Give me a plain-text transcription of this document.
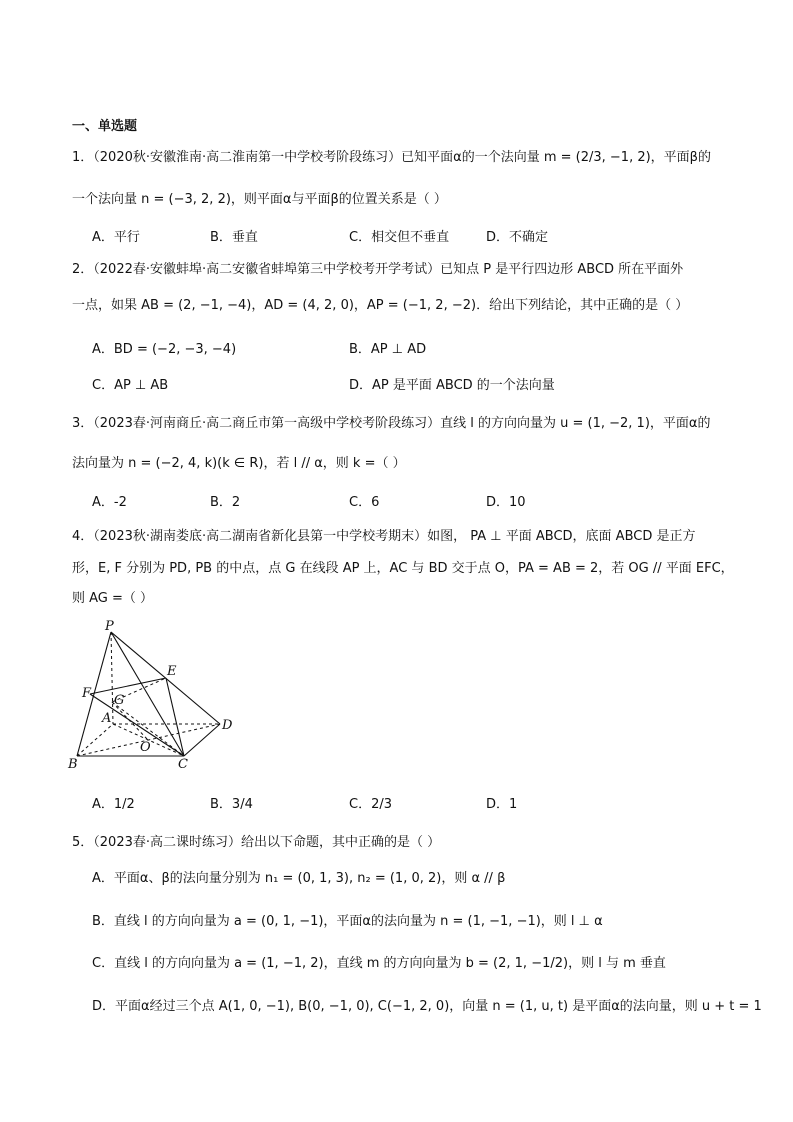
一、单选题
1．（2020秋·安徽淮南·高二淮南第一中学校考阶段练习）已知平面α的一个法向量 m = (2/3, −1, 2)，平面β的
一个法向量 n = (−3, 2, 2)，则平面α与平面β的位置关系是（ ）
A．平行	B．垂直	C．相交但不垂直	D．不确定
2．（2022春·安徽蚌埠·高二安徽省蚌埠第三中学校考开学考试）已知点 P 是平行四边形 ABCD 所在平面外
一点，如果 AB = (2, −1, −4)，AD = (4, 2, 0)，AP = (−1, 2, −2)．给出下列结论，其中正确的是（ ）
A．BD = (−2, −3, −4)	B．AP ⊥ AD
C．AP ⊥ AB	D．AP 是平面 ABCD 的一个法向量
3．（2023春·河南商丘·高二商丘市第一高级中学校考阶段练习）直线 l 的方向向量为 u = (1, −2, 1)，平面α的
法向量为 n = (−2, 4, k)(k ∈ R)，若 l // α，则 k =（ ）
A．-2	B．2	C．6	D．10
4．（2023秋·湖南娄底·高二湖南省新化县第一中学校考期末）如图， PA ⊥ 平面 ABCD，底面 ABCD 是正方
形，E, F 分别为 PD, PB 的中点，点 G 在线段 AP 上，AC 与 BD 交于点 O，PA = AB = 2，若 OG // 平面 EFC，
则 AG =（ ）
P
E
F G
A	D
O
B	C
A．1/2	B．3/4	C．2/3	D．1
5．（2023春·高二课时练习）给出以下命题，其中正确的是（ ）
A．平面α、β的法向量分别为 n₁ = (0, 1, 3), n₂ = (1, 0, 2)，则 α // β
B．直线 l 的方向向量为 a = (0, 1, −1)，平面α的法向量为 n = (1, −1, −1)，则 l ⊥ α
C．直线 l 的方向向量为 a = (1, −1, 2)，直线 m 的方向向量为 b = (2, 1, −1/2)，则 l 与 m 垂直
D．平面α经过三个点 A(1, 0, −1), B(0, −1, 0), C(−1, 2, 0)，向量 n = (1, u, t) 是平面α的法向量，则 u + t = 1
